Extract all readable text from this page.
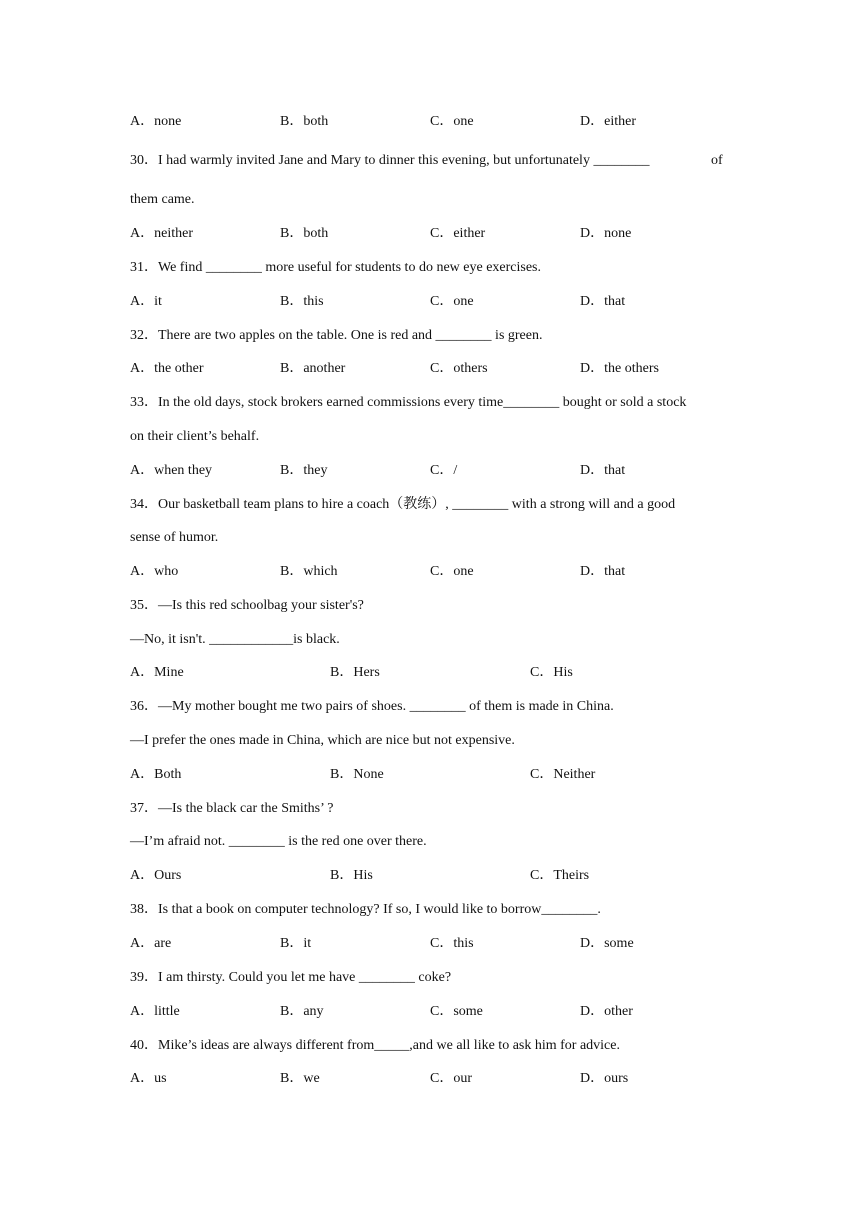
A．none	B．both	C．one	D．either
30．I had warmly invited Jane and Mary to dinner this evening, but unfortunately ________	of
them came.
A．neither	B．both	C．either	D．none
31．We find ________ more useful for students to do new eye exercises.
A．it	B．this	C．one	D．that
32．There are two apples on the table. One is red and ________ is green.
A．the other	B．another	C．others	D．the others
33．In the old days, stock brokers earned commissions every time________ bought or sold a stock
on their client’s behalf.
A．when they	B．they	C．/	D．that
34．Our basketball team plans to hire a coach（教练）, ________ with a strong will and a good
sense of humor.
A．who	B．which	C．one	D．that
35．—Is this red schoolbag your sister's?
—No, it isn't. ____________is black.
A．Mine	B．Hers	C．His
36．—My mother bought me two pairs of shoes. ________ of them is made in China.
—I prefer the ones made in China, which are nice but not expensive.
A．Both	B．None	C．Neither
37．—Is the black car the Smiths’ ?
—I’m afraid not. ________ is the red one over there.
A．Ours	B．His	C．Theirs
38．Is that a book on computer technology? If so, I would like to borrow________.
A．are	B．it	C．this	D．some
39．I am thirsty. Could you let me have ________ coke?
A．little	B．any	C．some	D．other
40．Mike’s ideas are always different from_____,and we all like to ask him for advice.
A．us	B．we	C．our	D．ours
